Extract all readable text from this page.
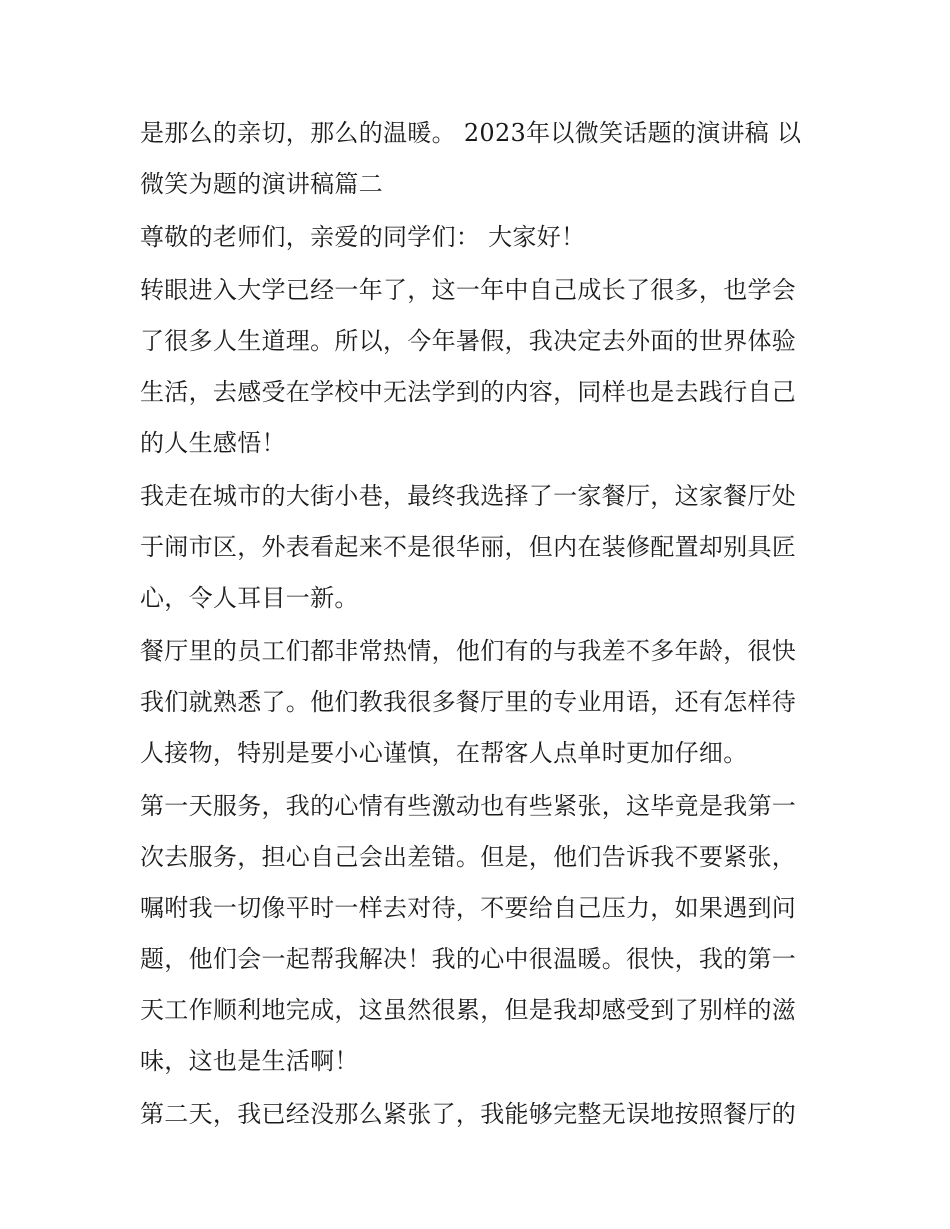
是那么的亲切，那么的温暖。 2023年以微笑话题的演讲稿 以
微笑为题的演讲稿篇二
尊敬的老师们，亲爱的同学们： 大家好！
转眼进入大学已经一年了，这一年中自己成长了很多，也学会
了很多人生道理。所以，今年暑假，我决定去外面的世界体验
生活，去感受在学校中无法学到的内容，同样也是去践行自己
的人生感悟！
我走在城市的大街小巷，最终我选择了一家餐厅，这家餐厅处
于闹市区，外表看起来不是很华丽，但内在装修配置却别具匠
心，令人耳目一新。
餐厅里的员工们都非常热情，他们有的与我差不多年龄，很快
我们就熟悉了。他们教我很多餐厅里的专业用语，还有怎样待
人接物，特别是要小心谨慎，在帮客人点单时更加仔细。
第一天服务，我的心情有些激动也有些紧张，这毕竟是我第一
次去服务，担心自己会出差错。但是，他们告诉我不要紧张，
嘱咐我一切像平时一样去对待，不要给自己压力，如果遇到问
题，他们会一起帮我解决！我的心中很温暖。很快，我的第一
天工作顺利地完成，这虽然很累，但是我却感受到了别样的滋
味，这也是生活啊！
第二天，我已经没那么紧张了，我能够完整无误地按照餐厅的
